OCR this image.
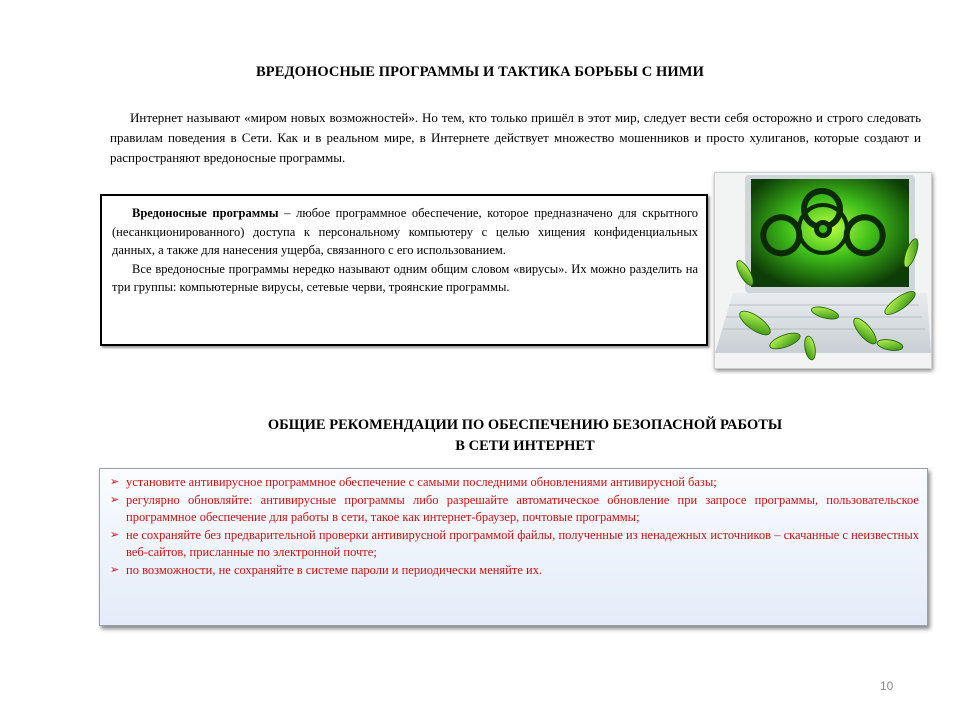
ВРЕДОНОСНЫЕ ПРОГРАММЫ И ТАКТИКА БОРЬБЫ С НИМИ

Интернет называют «миром новых возможностей». Но тем, кто только пришёл в этот мир, следует вести себя осторожно и строго следовать правилам поведения в Сети. Как и в реальном мире, в Интернете действует множество мошенников и просто хулиганов, которые создают и распространяют вредоносные программы.

Вредоносные программы – любое программное обеспечение, которое предназначено для скрытного (несанкционированного) доступа к персональному компьютеру с целью хищения конфиденциальных данных, а также для нанесения ущерба, связанного с его использованием.

Все вредоносные программы нередко называют одним общим словом «вирусы». Их можно разделить на три группы: компьютерные вирусы, сетевые черви, троянские программы.

ОБЩИЕ РЕКОМЕНДАЦИИ ПО ОБЕСПЕЧЕНИЮ БЕЗОПАСНОЙ РАБОТЫ
В СЕТИ ИНТЕРНЕТ
➢ установите антивирусное программное обеспечение с самыми последними обновлениями антивирусной базы;
➢ регулярно обновляйте: антивирусные программы либо разрешайте автоматическое обновление при запросе программы, пользовательское программное обеспечение для работы в сети, такое как интернет-браузер, почтовые программы;
➢ не сохраняйте без предварительной проверки антивирусной программой файлы, полученные из ненадежных источников – скачанные с неизвестных веб-сайтов, присланные по электронной почте;
➢ по возможности, не сохраняйте в системе пароли и периодически меняйте их.
10
